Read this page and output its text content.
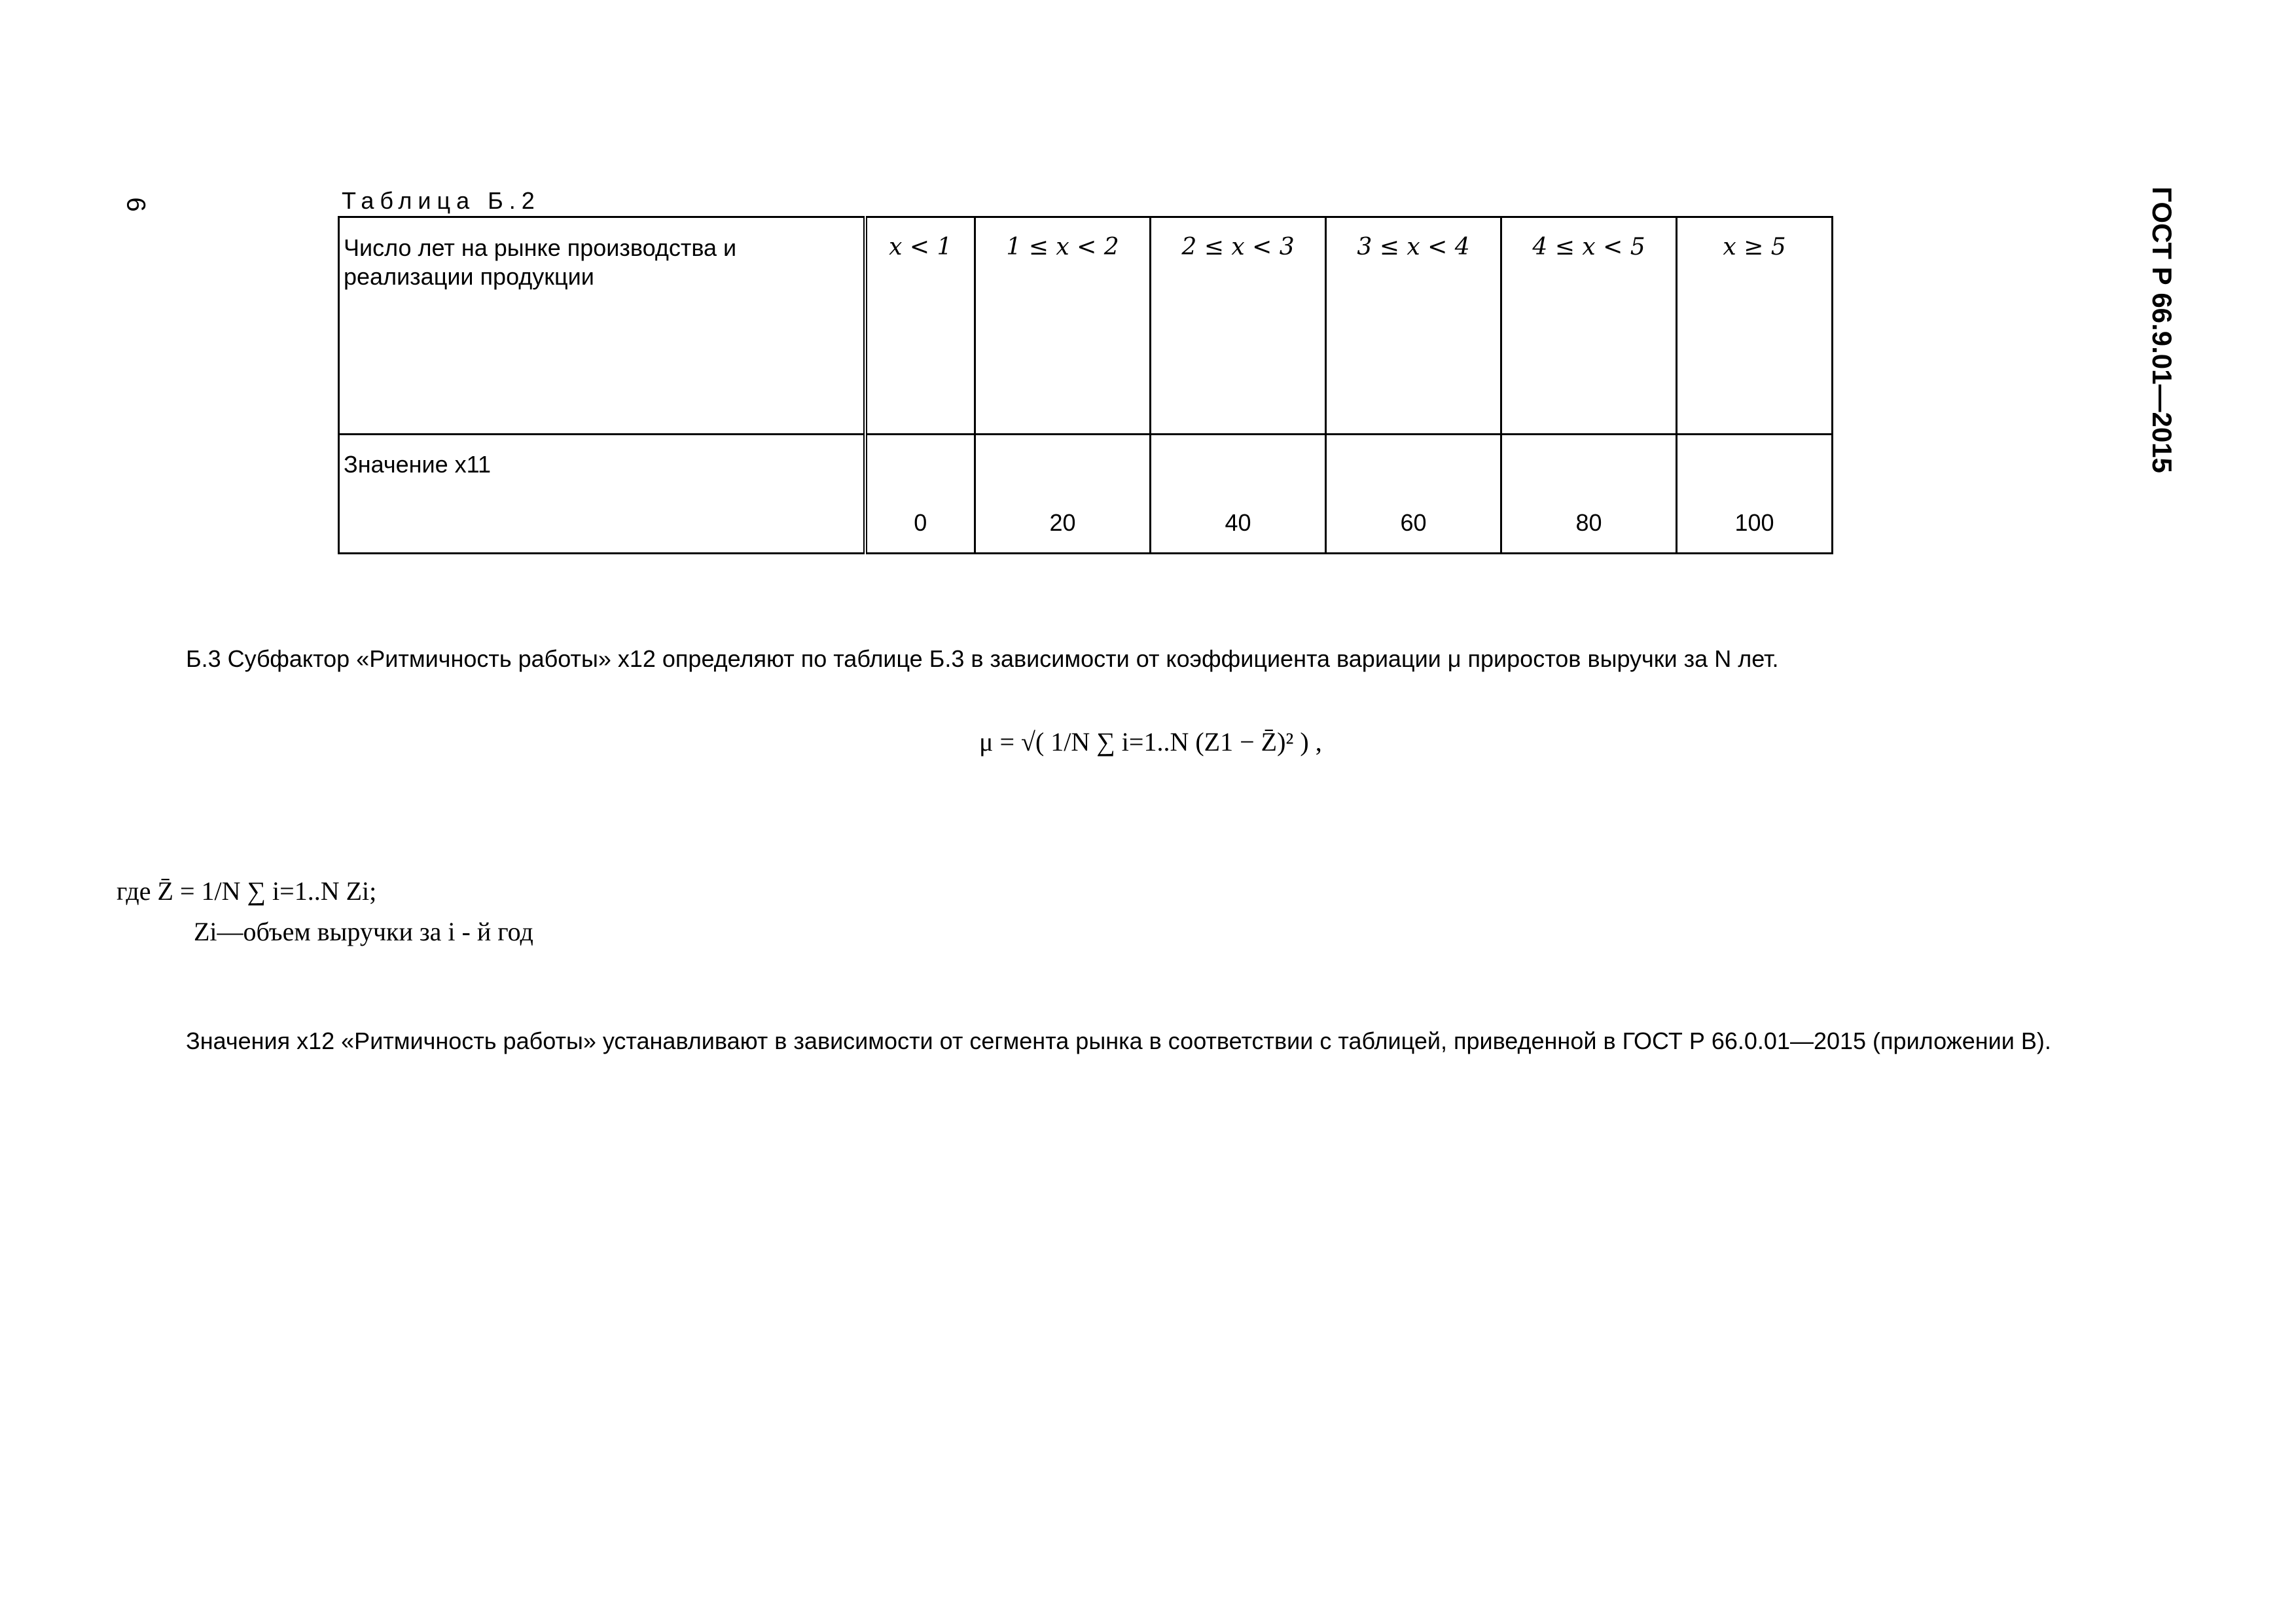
6	ГОСТ Р 66.9.01—2015
Таблица Б.2
Число лет на рынке производства и реализации продукции	x < 1	1 ≤ x < 2	2 ≤ x < 3	3 ≤ x < 4	4 ≤ x < 5	x ≥ 5
Значение x11	0	20	40	60	80	100
Б.3 Субфактор «Ритмичность работы» x12 определяют по таблице Б.3 в зависимости от коэффициента вариации μ приростов выручки за N лет.
μ = √( 1/N ∑ i=1..N (Z1 − Z̄)² ) ,
где Z̄ = 1/N ∑ i=1..N Zi;
Zi—объем выручки за i - й год
Значения x12 «Ритмичность работы» устанавливают в зависимости от сегмента рынка в соответствии с таблицей, приведенной в ГОСТ Р 66.0.01—2015 (приложении В).
